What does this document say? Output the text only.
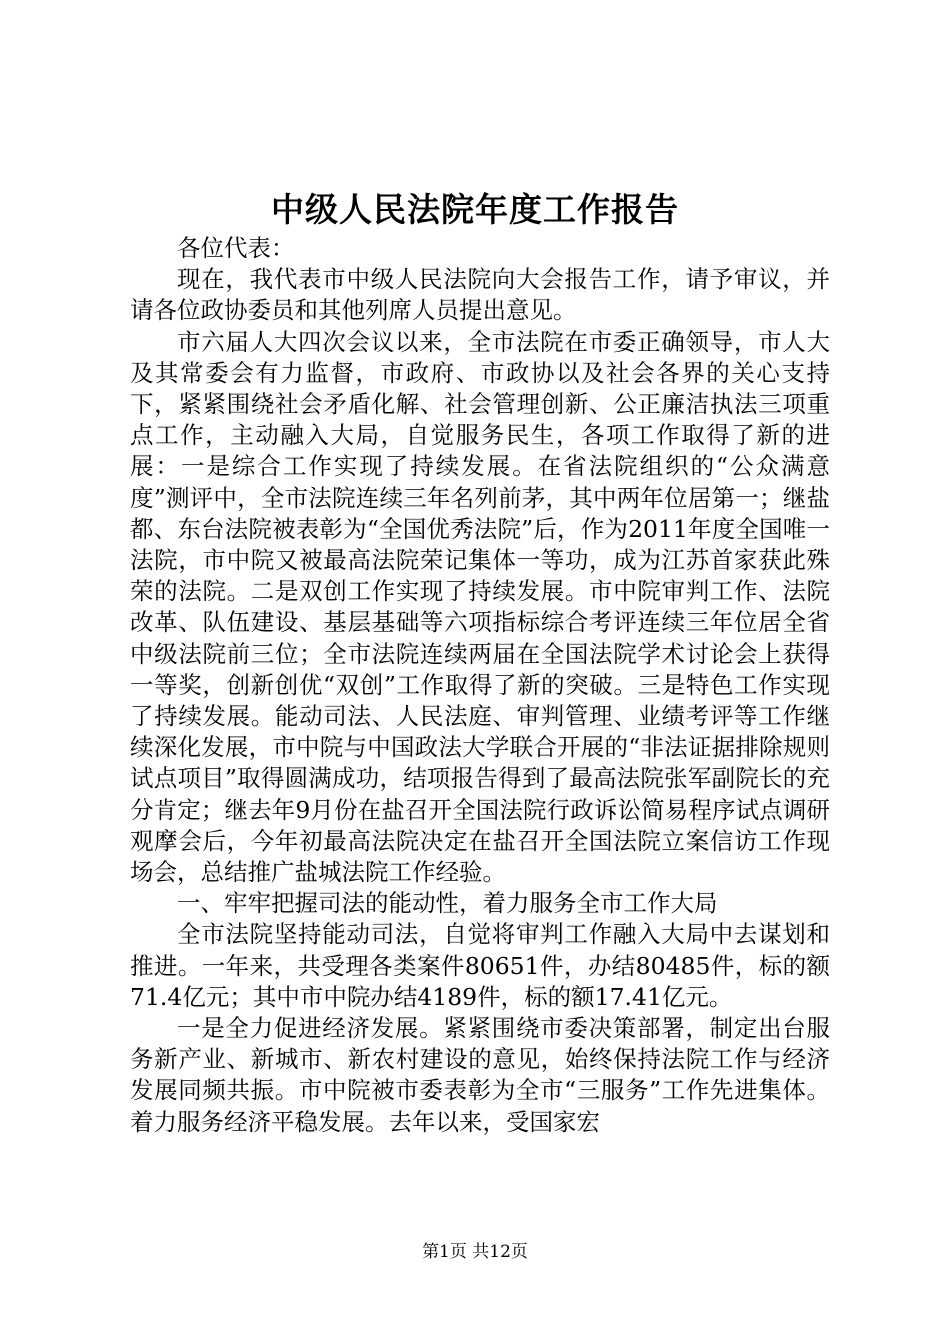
中级人民法院年度工作报告

各位代表：

现在，我代表市中级人民法院向大会报告工作，请予审议，并请各位政协委员和其他列席人员提出意见。

市六届人大四次会议以来，全市法院在市委正确领导，市人大及其常委会有力监督，市政府、市政协以及社会各界的关心支持下，紧紧围绕社会矛盾化解、社会管理创新、公正廉洁执法三项重点工作，主动融入大局，自觉服务民生，各项工作取得了新的进展：一是综合工作实现了持续发展。在省法院组织的“公众满意度”测评中，全市法院连续三年名列前茅，其中两年位居第一；继盐都、东台法院被表彰为“全国优秀法院”后，作为2011年度全国唯一法院，市中院又被最高法院荣记集体一等功，成为江苏首家获此殊荣的法院。二是双创工作实现了持续发展。市中院审判工作、法院改革、队伍建设、基层基础等六项指标综合考评连续三年位居全省中级法院前三位；全市法院连续两届在全国法院学术讨论会上获得一等奖，创新创优“双创”工作取得了新的突破。三是特色工作实现了持续发展。能动司法、人民法庭、审判管理、业绩考评等工作继续深化发展，市中院与中国政法大学联合开展的“非法证据排除规则试点项目”取得圆满成功，结项报告得到了最高法院张军副院长的充分肯定；继去年9月份在盐召开全国法院行政诉讼简易程序试点调研观摩会后，今年初最高法院决定在盐召开全国法院立案信访工作现场会，总结推广盐城法院工作经验。

一、牢牢把握司法的能动性，着力服务全市工作大局

全市法院坚持能动司法，自觉将审判工作融入大局中去谋划和推进。一年来，共受理各类案件80651件，办结80485件，标的额71.4亿元；其中市中院办结4189件，标的额17.41亿元。

一是全力促进经济发展。紧紧围绕市委决策部署，制定出台服务新产业、新城市、新农村建设的意见，始终保持法院工作与经济发展同频共振。市中院被市委表彰为全市“三服务”工作先进集体。着力服务经济平稳发展。去年以来，受国家宏

第1页 共12页
